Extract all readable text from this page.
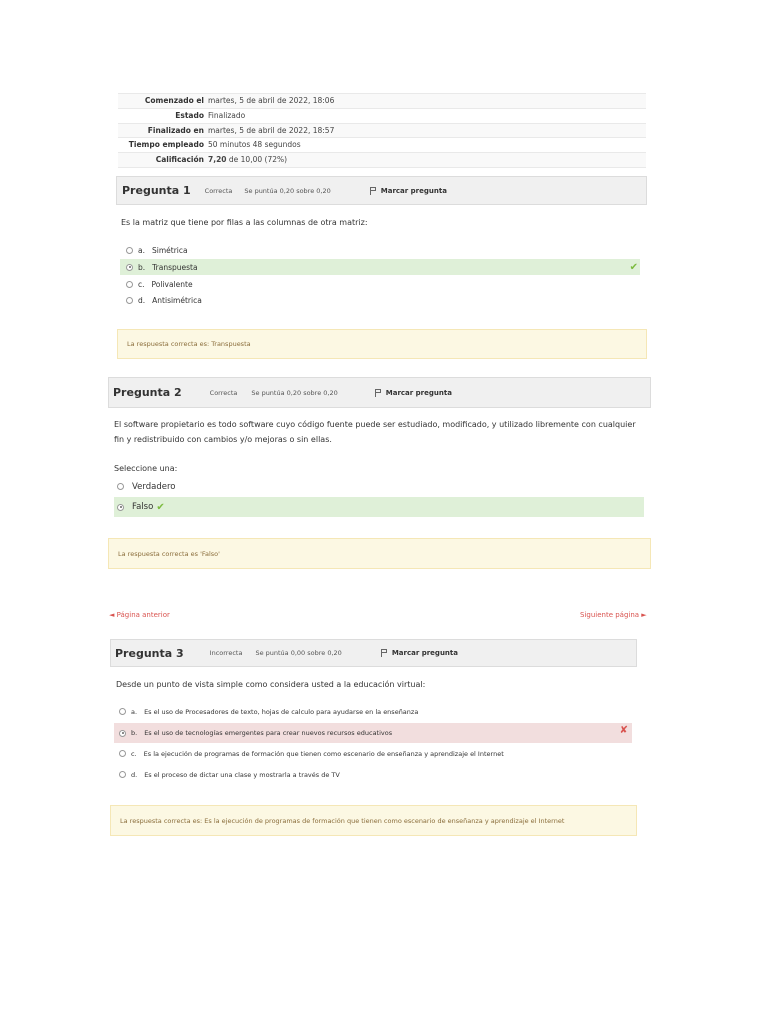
Comenzado el martes, 5 de abril de 2022, 18:06
Estado Finalizado
Finalizado en martes, 5 de abril de 2022, 18:57
Tiempo empleado 50 minutos 48 segundos
Calificación 7,20 de 10,00 (72%)
Pregunta 1 Correcta Se puntúa 0,20 sobre 0,20	Marcar pregunta
Es la matriz que tiene por filas a las columnas de otra matriz:
a. Simétrica
b. Transpuesta	✔
c. Polivalente
d. Antisimétrica
La respuesta correcta es: Transpuesta
Pregunta 2	Correcta Se puntúa 0,20 sobre 0,20	Marcar pregunta
El software propietario es todo software cuyo código fuente puede ser estudiado, modificado, y utilizado libremente con cualquier
fin y redistribuido con cambios y/o mejoras o sin ellas.
Seleccione una:
Verdadero
Falso ✔
La respuesta correcta es 'Falso'
◄ Página anterior	Siguiente página ►
Pregunta 3	Incorrecta Se puntúa 0,00 sobre 0,20	Marcar pregunta
Desde un punto de vista simple como considera usted a la educación virtual:
a. Es el uso de Procesadores de texto, hojas de calculo para ayudarse en la enseñanza
b. Es el uso de tecnologías emergentes para crear nuevos recursos educativos	✘
c. Es la ejecución de programas de formación que tienen como escenario de enseñanza y aprendizaje el Internet
d. Es el proceso de dictar una clase y mostrarla a través de TV
La respuesta correcta es: Es la ejecución de programas de formación que tienen como escenario de enseñanza y aprendizaje el Internet
